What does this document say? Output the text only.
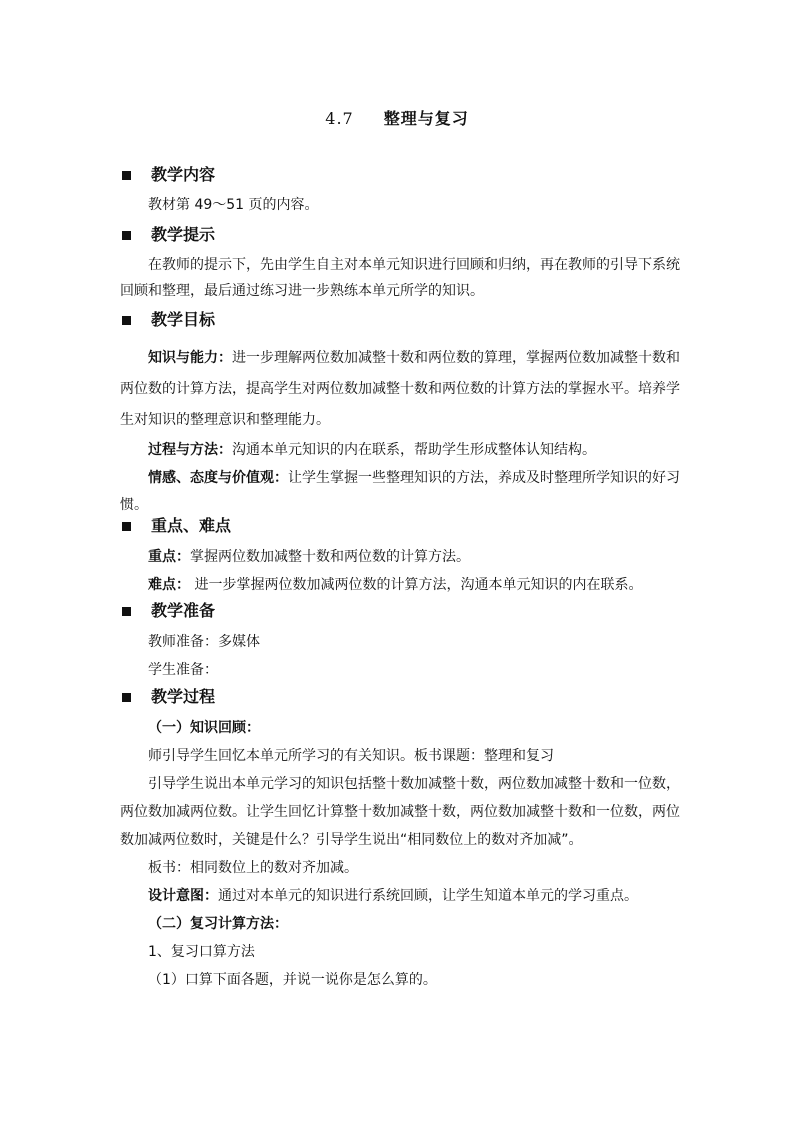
4.7 整理与复习
教学内容
教材第 49～51 页的内容。
教学提示
在教师的提示下，先由学生自主对本单元知识进行回顾和归纳，再在教师的引导下系统
回顾和整理，最后通过练习进一步熟练本单元所学的知识。
教学目标
知识与能力：进一步理解两位数加减整十数和两位数的算理，掌握两位数加减整十数和
两位数的计算方法，提高学生对两位数加减整十数和两位数的计算方法的掌握水平。培养学
生对知识的整理意识和整理能力。
过程与方法：沟通本单元知识的内在联系，帮助学生形成整体认知结构。
情感、态度与价值观：让学生掌握一些整理知识的方法，养成及时整理所学知识的好习
惯。
重点、难点
重点：掌握两位数加减整十数和两位数的计算方法。
难点： 进一步掌握两位数加减两位数的计算方法，沟通本单元知识的内在联系。
教学准备
教师准备：多媒体
学生准备：
教学过程
（一）知识回顾：
师引导学生回忆本单元所学习的有关知识。板书课题：整理和复习
引导学生说出本单元学习的知识包括整十数加减整十数，两位数加减整十数和一位数，
两位数加减两位数。让学生回忆计算整十数加减整十数，两位数加减整十数和一位数，两位
数加减两位数时，关键是什么？引导学生说出“相同数位上的数对齐加减”。
板书：相同数位上的数对齐加减。
设计意图：通过对本单元的知识进行系统回顾，让学生知道本单元的学习重点。
（二）复习计算方法：
1、复习口算方法
（1）口算下面各题，并说一说你是怎么算的。
